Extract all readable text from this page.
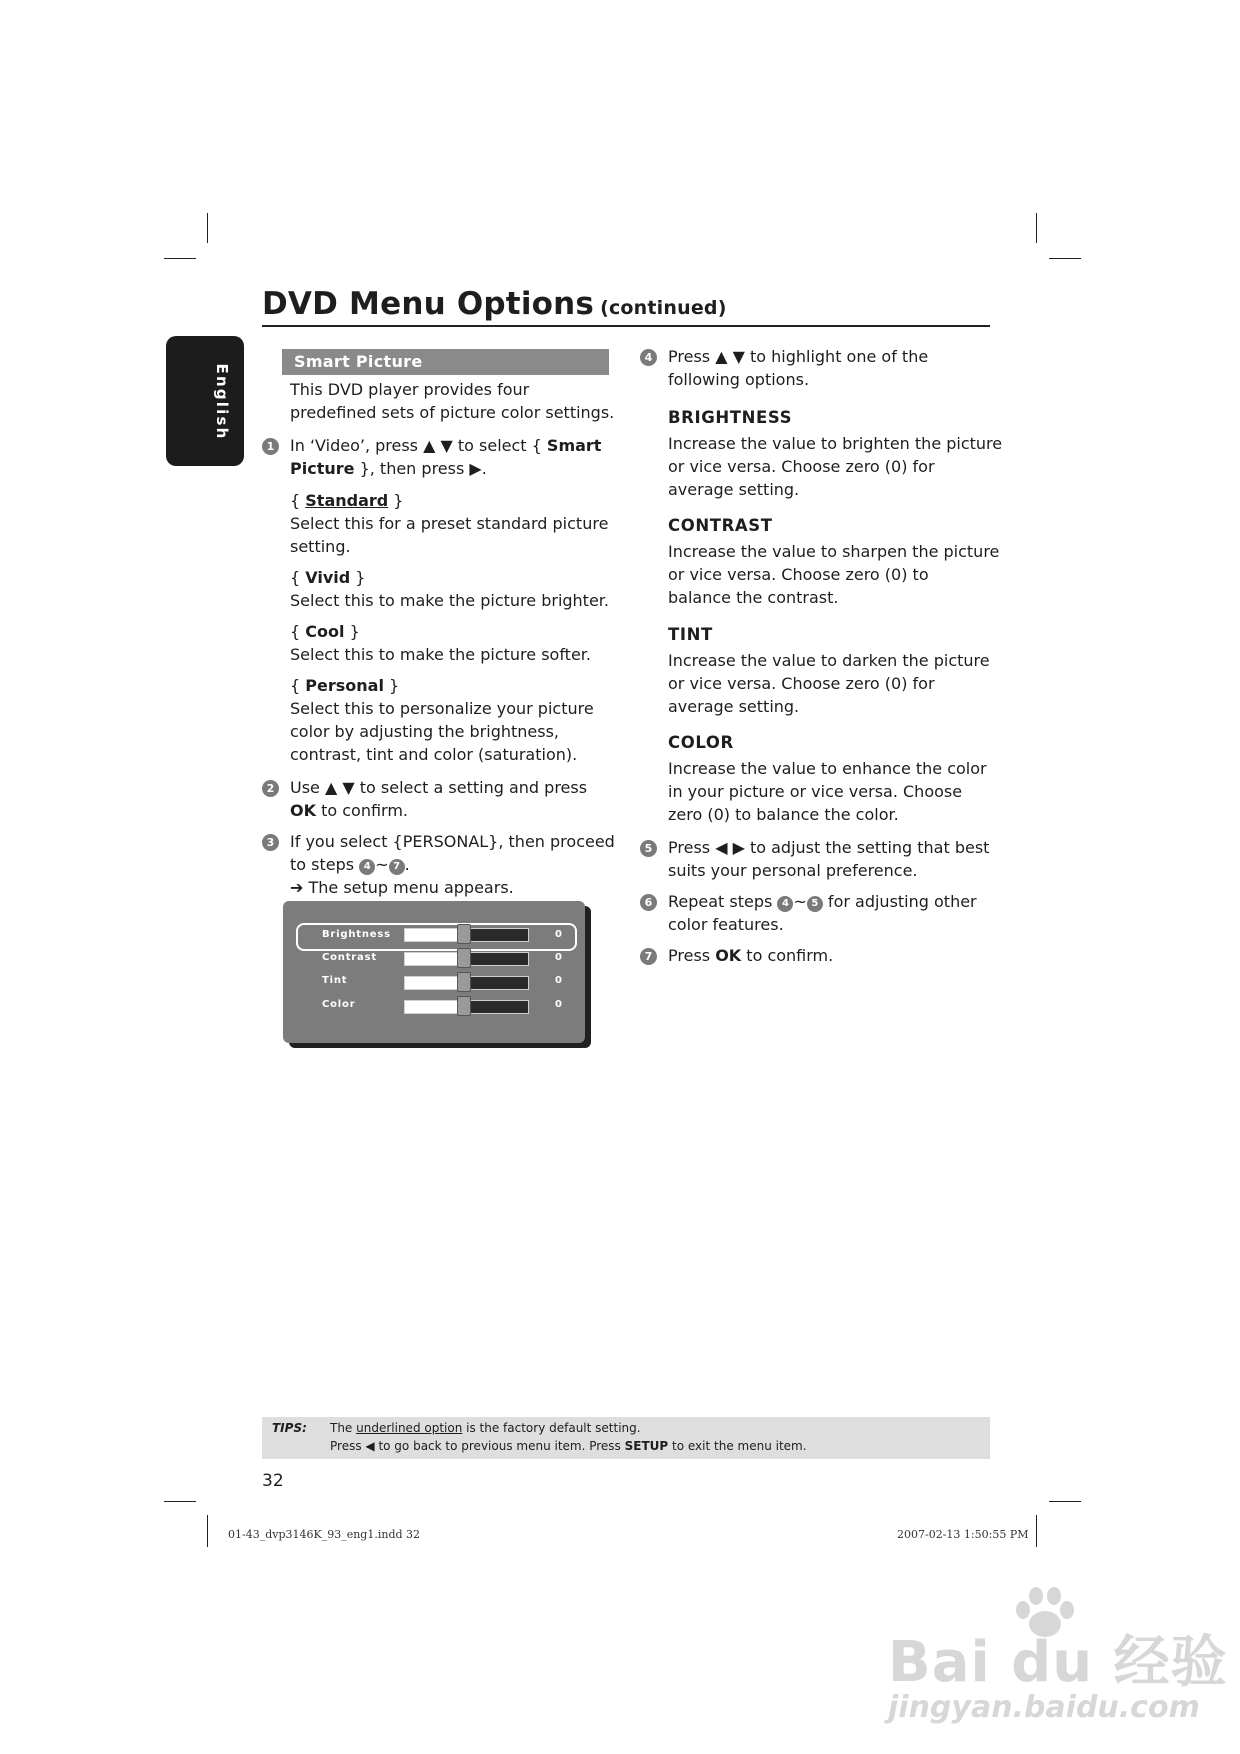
DVD Menu Options (continued)
English
Smart Picture
This DVD player provides four
predefined sets of picture color settings.
1 In ‘Video’, press ▲ ▼ to select { Smart
Picture }, then press ▶.
{ Standard }
Select this for a preset standard picture
setting.
{ Vivid }
Select this to make the picture brighter.
{ Cool }
Select this to make the picture softer.
{ Personal }
Select this to personalize your picture
color by adjusting the brightness,
contrast, tint and color (saturation).
2 Use ▲ ▼ to select a setting and press
OK to confirm.
3 If you select {PERSONAL}, then proceed
to steps 4 ~ 7 .
➔ The setup menu appears.
Brightness	0
Contrast	0
Tint	0
Color	0
4 Press ▲ ▼ to highlight one of the
following options.
BRIGHTNESS
Increase the value to brighten the picture
or vice versa. Choose zero (0) for
average setting.
CONTRAST
Increase the value to sharpen the picture
or vice versa. Choose zero (0) to
balance the contrast.
TINT
Increase the value to darken the picture
or vice versa. Choose zero (0) for
average setting.
COLOR
Increase the value to enhance the color
in your picture or vice versa. Choose
zero (0) to balance the color.
5 Press ◀ ▶ to adjust the setting that best
suits your personal preference.
6 Repeat steps 4 ~ 5 for adjusting other
color features.
7 Press OK to confirm.
TIPS: The underlined option is the factory default setting.
Press ◀ to go back to previous menu item. Press SETUP to exit the menu item.
32
01-43_dvp3146K_93_eng1.indd 32	2007-02-13 1:50:55 PM
Bai du 经验
jingyan.baidu.com
